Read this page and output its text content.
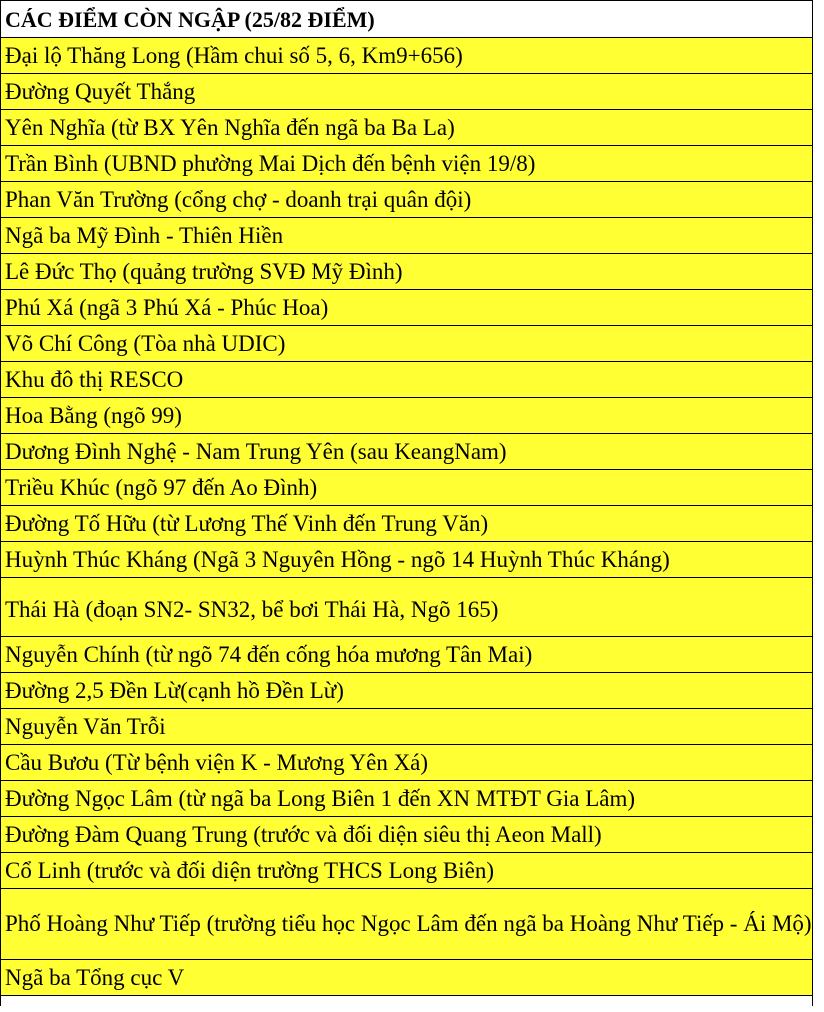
CÁC ĐIỂM CÒN NGẬP (25/82 ĐIỂM)	
Đại lộ Thăng Long (Hầm chui số 5, 6, Km9+656)	
Đường Quyết Thắng	
Yên Nghĩa (từ BX Yên Nghĩa đến ngã ba Ba La)	
Trần Bình (UBND phường Mai Dịch đến bệnh viện 19/8)	
Phan Văn Trường (cổng chợ - doanh trại quân đội)	
Ngã ba Mỹ Đình - Thiên Hiền	
Lê Đức Thọ (quảng trường SVĐ Mỹ Đình)	
Phú Xá (ngã 3 Phú Xá - Phúc Hoa)	
Võ Chí Công (Tòa nhà UDIC)	
Khu đô thị RESCO	
Hoa Bằng (ngõ 99)	
Dương Đình Nghệ - Nam Trung Yên (sau KeangNam)	
Triều Khúc (ngõ 97 đến Ao Đình)	
Đường Tố Hữu (từ Lương Thế Vinh đến Trung Văn)	
Huỳnh Thúc Kháng (Ngã 3 Nguyên Hồng - ngõ 14 Huỳnh Thúc Kháng)	
Thái Hà (đoạn SN2- SN32, bể bơi Thái Hà, Ngõ 165)	
Nguyễn Chính (từ ngõ 74 đến cống hóa mương Tân Mai)	
Đường 2,5 Đền Lừ(cạnh hồ Đền Lừ)	
Nguyễn Văn Trỗi	
Cầu Bươu (Từ bệnh viện K - Mương Yên Xá)	
Đường Ngọc Lâm (từ ngã ba Long Biên 1 đến XN MTĐT Gia Lâm)	
Đường Đàm Quang Trung (trước và đối diện siêu thị Aeon Mall)	
Cổ Linh (trước và đối diện trường THCS Long Biên)	
Phố Hoàng Như Tiếp (trường tiểu học Ngọc Lâm đến ngã ba Hoàng Như Tiếp - Ái Mộ)	
Ngã ba Tổng cục V	
